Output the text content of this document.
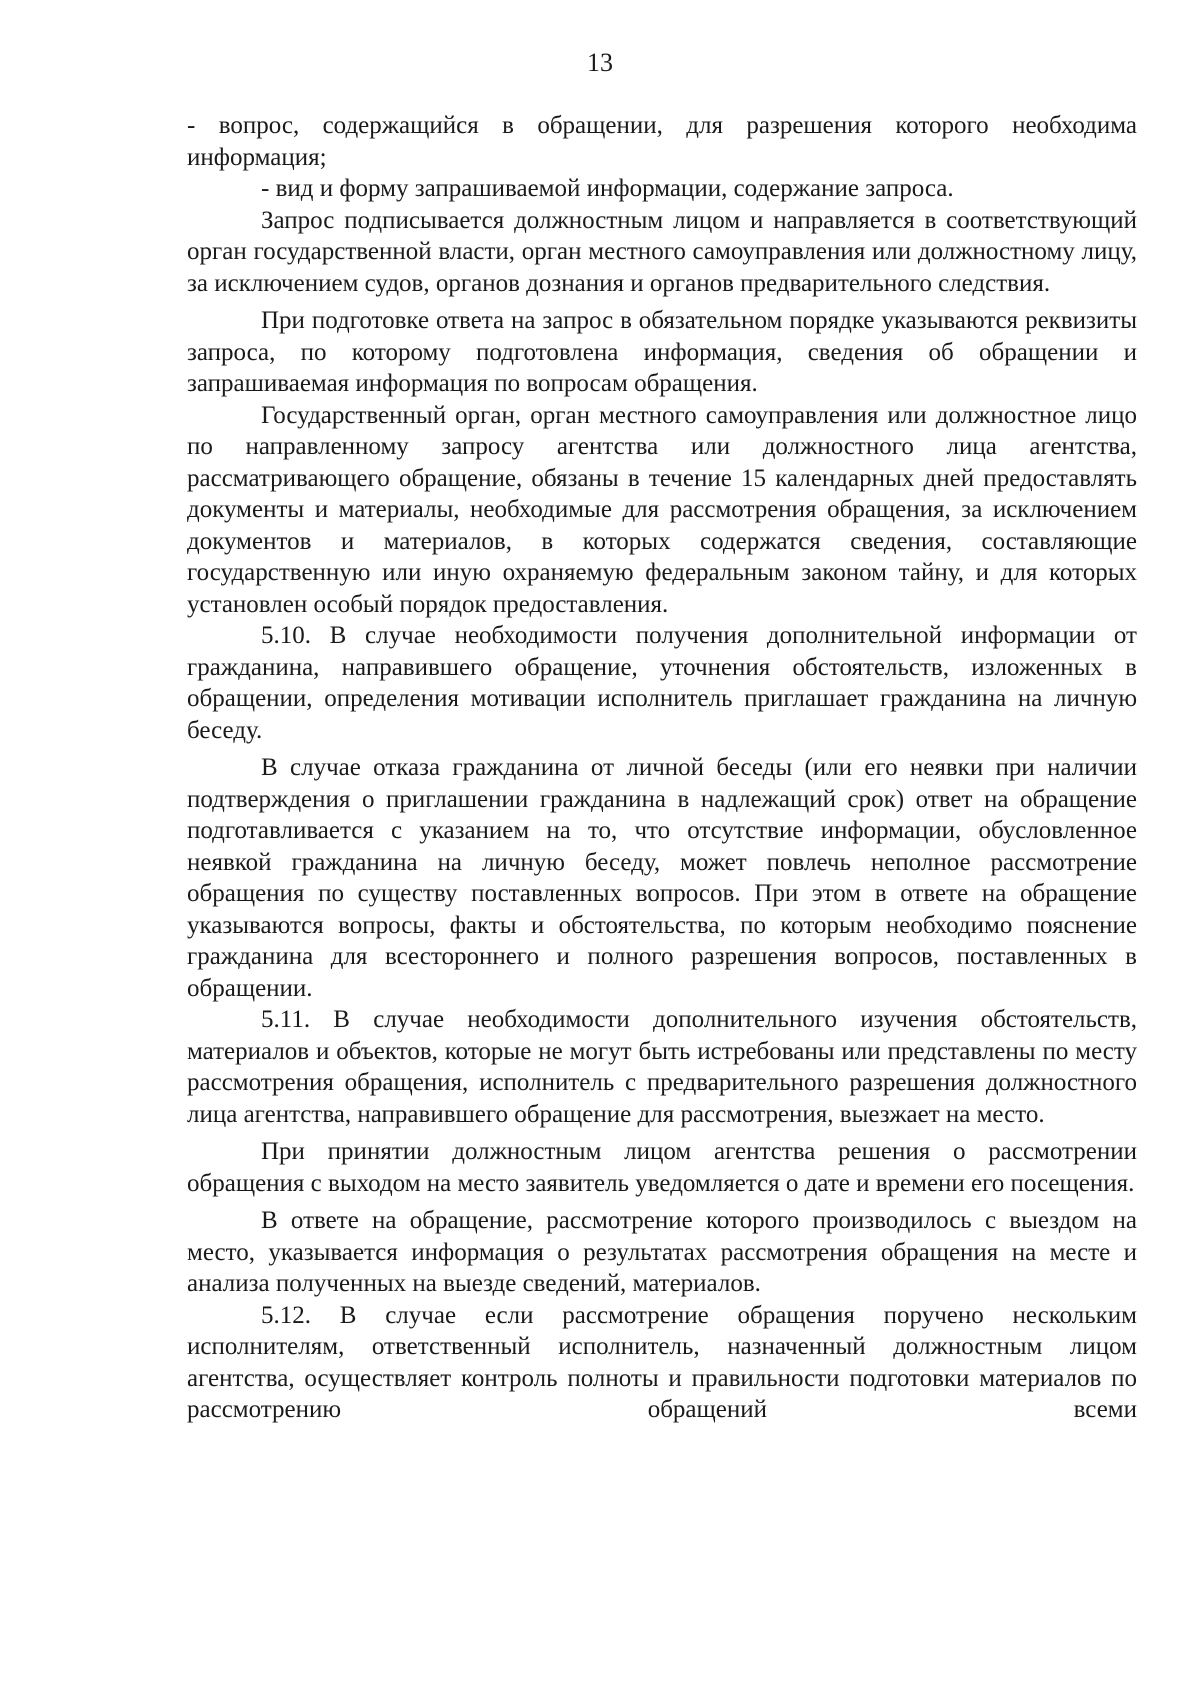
13

- вопрос, содержащийся в обращении, для разрешения которого необходима информация;

- вид и форму запрашиваемой информации, содержание запроса.

Запрос подписывается должностным лицом и направляется в соответствующий орган государственной власти, орган местного самоуправления или должностному лицу, за исключением судов, органов дознания и органов предварительного следствия.

При подготовке ответа на запрос в обязательном порядке указываются реквизиты запроса, по которому подготовлена информация, сведения об обращении и запрашиваемая информация по вопросам обращения.

Государственный орган, орган местного самоуправления или должностное лицо по направленному запросу агентства или должностного лица агентства, рассматривающего обращение, обязаны в течение 15 календарных дней предоставлять документы и материалы, необходимые для рассмотрения обращения, за исключением документов и материалов, в которых содержатся сведения, составляющие государственную или иную охраняемую федеральным законом тайну, и для которых установлен особый порядок предоставления.

5.10. В случае необходимости получения дополнительной информации от гражданина, направившего обращение, уточнения обстоятельств, изложенных в обращении, определения мотивации исполнитель приглашает гражданина на личную беседу.

В случае отказа гражданина от личной беседы (или его неявки при наличии подтверждения о приглашении гражданина в надлежащий срок) ответ на обращение подготавливается с указанием на то, что отсутствие информации, обусловленное неявкой гражданина на личную беседу, может повлечь неполное рассмотрение обращения по существу поставленных вопросов. При этом в ответе на обращение указываются вопросы, факты и обстоятельства, по которым необходимо пояснение гражданина для всестороннего и полного разрешения вопросов, поставленных в обращении.

5.11. В случае необходимости дополнительного изучения обстоятельств, материалов и объектов, которые не могут быть истребованы или представлены по месту рассмотрения обращения, исполнитель с предварительного разрешения должностного лица агентства, направившего обращение для рассмотрения, выезжает на место.

При принятии должностным лицом агентства решения о рассмотрении обращения с выходом на место заявитель уведомляется о дате и времени его посещения.

В ответе на обращение, рассмотрение которого производилось с выездом на место, указывается информация о результатах рассмотрения обращения на месте и анализа полученных на выезде сведений, материалов.

5.12. В случае если рассмотрение обращения поручено нескольким исполнителям, ответственный исполнитель, назначенный должностным лицом агентства, осуществляет контроль полноты и правильности подготовки материалов по рассмотрению обращений всеми
